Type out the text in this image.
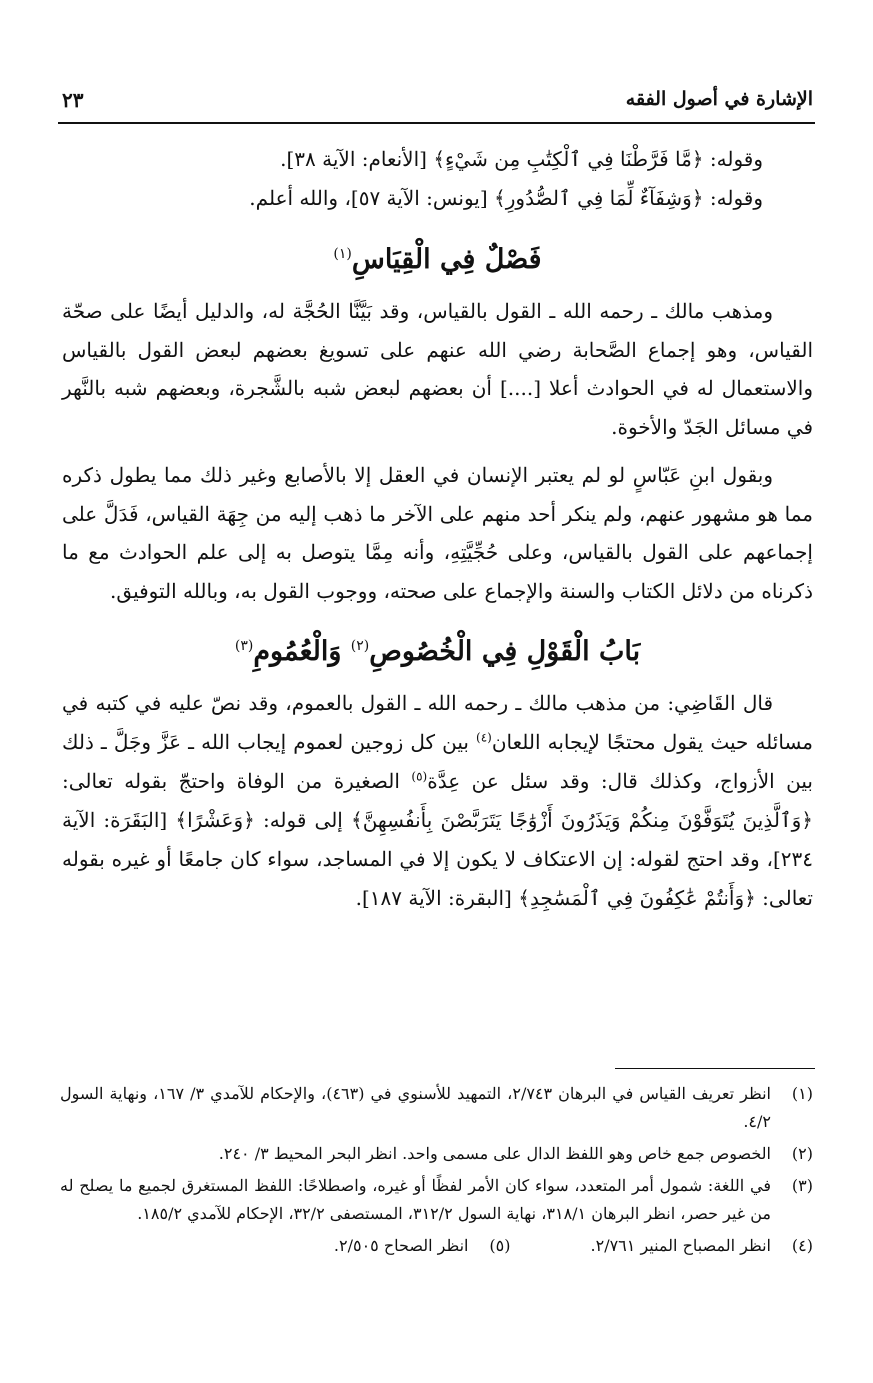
الإشارة في أصول الفقه
٢٣

وقوله: ﴿مَّا فَرَّطْنَا فِي ٱلْكِتَٰبِ مِن شَيْءٍ﴾ [الأنعام: الآية ٣٨].

وقوله: ﴿وَشِفَآءٌ لِّمَا فِي ٱلصُّدُورِ﴾ [يونس: الآية ٥٧]، والله أعلم.

فَصْلٌ فِي الْقِيَاسِ$^{(١)}$

ومذهب مالك ـ رحمه الله ـ القول بالقياس، وقد بَيَّنَّا الحُجَّة له، والدليل أيضًا على صحّة القياس، وهو إجماع الصَّحابة رضي الله عنهم على تسويغ بعضهم لبعض القول بالقياس والاستعمال له في الحوادث أعلا [....] أن بعضهم لبعض شبه بالشَّجرة، وبعضهم شبه بالنَّهر في مسائل الجَدّ والأخوة.

وبقول ابنِ عَبّاسٍ لو لم يعتبر الإنسان في العقل إلا بالأصابع وغير ذلك مما يطول ذكره مما هو مشهور عنهم، ولم ينكر أحد منهم على الآخر ما ذهب إليه من جِهَة القياس، فَدَلَّ على إجماعهم على القول بالقياس، وعلى حُجِّيَّتِهِ، وأنه مِمَّا يتوصل به إلى علم الحوادث مع ما ذكرناه من دلائل الكتاب والسنة والإجماع على صحته، ووجوب القول به، وبالله التوفيق.

بَابُ الْقَوْلِ فِي الْخُصُوصِ$^{(٢)}$ وَالْعُمُومِ$^{(٣)}$

قال القَاضِي: من مذهب مالك ـ رحمه الله ـ القول بالعموم، وقد نصّ عليه في كتبه في مسائله حيث يقول محتجًا لإيجابه اللعان$^{(٤)}$ بين كل زوجين لعموم إيجاب الله ـ عَزَّ وجَلَّ ـ ذلك بين الأزواج، وكذلك قال: وقد سئل عن عِدَّة$^{(٥)}$ الصغيرة من الوفاة واحتجّ بقوله تعالى: ﴿وَٱلَّذِينَ يُتَوَفَّوْنَ مِنكُمْ وَيَذَرُونَ أَزْوَٰجًا يَتَرَبَّصْنَ بِأَنفُسِهِنَّ﴾ إلى قوله: ﴿وَعَشْرًا﴾ [البَقَرَة: الآية ٢٣٤]، وقد احتج لقوله: إن الاعتكاف لا يكون إلا في المساجد، سواء كان جامعًا أو غيره بقوله تعالى: ﴿وَأَنتُمْ عَٰكِفُونَ فِي ٱلْمَسَٰجِدِ﴾ [البقرة: الآية ١٨٧].

(١)
انظر تعريف القياس في البرهان ٢/٧٤٣، التمهيد للأسنوي في (٤٦٣)، والإحكام للآمدي ٣/ ١٦٧، ونهاية السول ٤/٢.
(٢)
الخصوص جمع خاص وهو اللفظ الدال على مسمى واحد. انظر البحر المحيط ٣/ ٢٤٠.
(٣)
في اللغة: شمول أمر المتعدد، سواء كان الأمر لفظًا أو غيره، واصطلاحًا: اللفظ المستغرق لجميع ما يصلح له من غير حصر، انظر البرهان ٣١٨/١، نهاية السول ٣١٢/٢، المستصفى ٣٢/٢، الإحكام للآمدي ١٨٥/٢.
(٤)
انظر المصباح المنير ٢/٧٦١.
(٥)
انظر الصحاح ٢/٥٠٥.
